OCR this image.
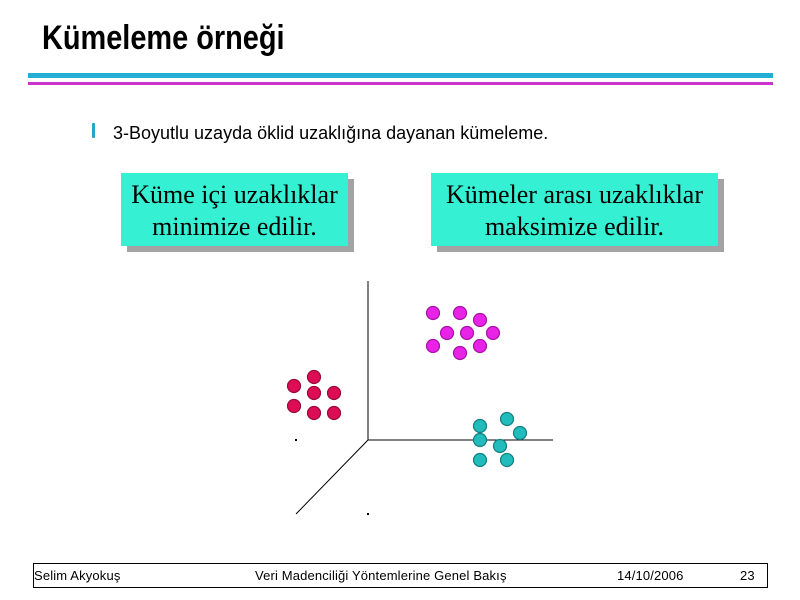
Kümeleme örneği
3-Boyutlu uzayda öklid uzaklığına dayanan kümeleme.
Küme içi uzaklıklar
minimize edilir.
Kümeler arası uzaklıklar
maksimize edilir.
Selim Akyokuş	Veri Madenciliği Yöntemlerine Genel Bakış	14/10/2006	23
